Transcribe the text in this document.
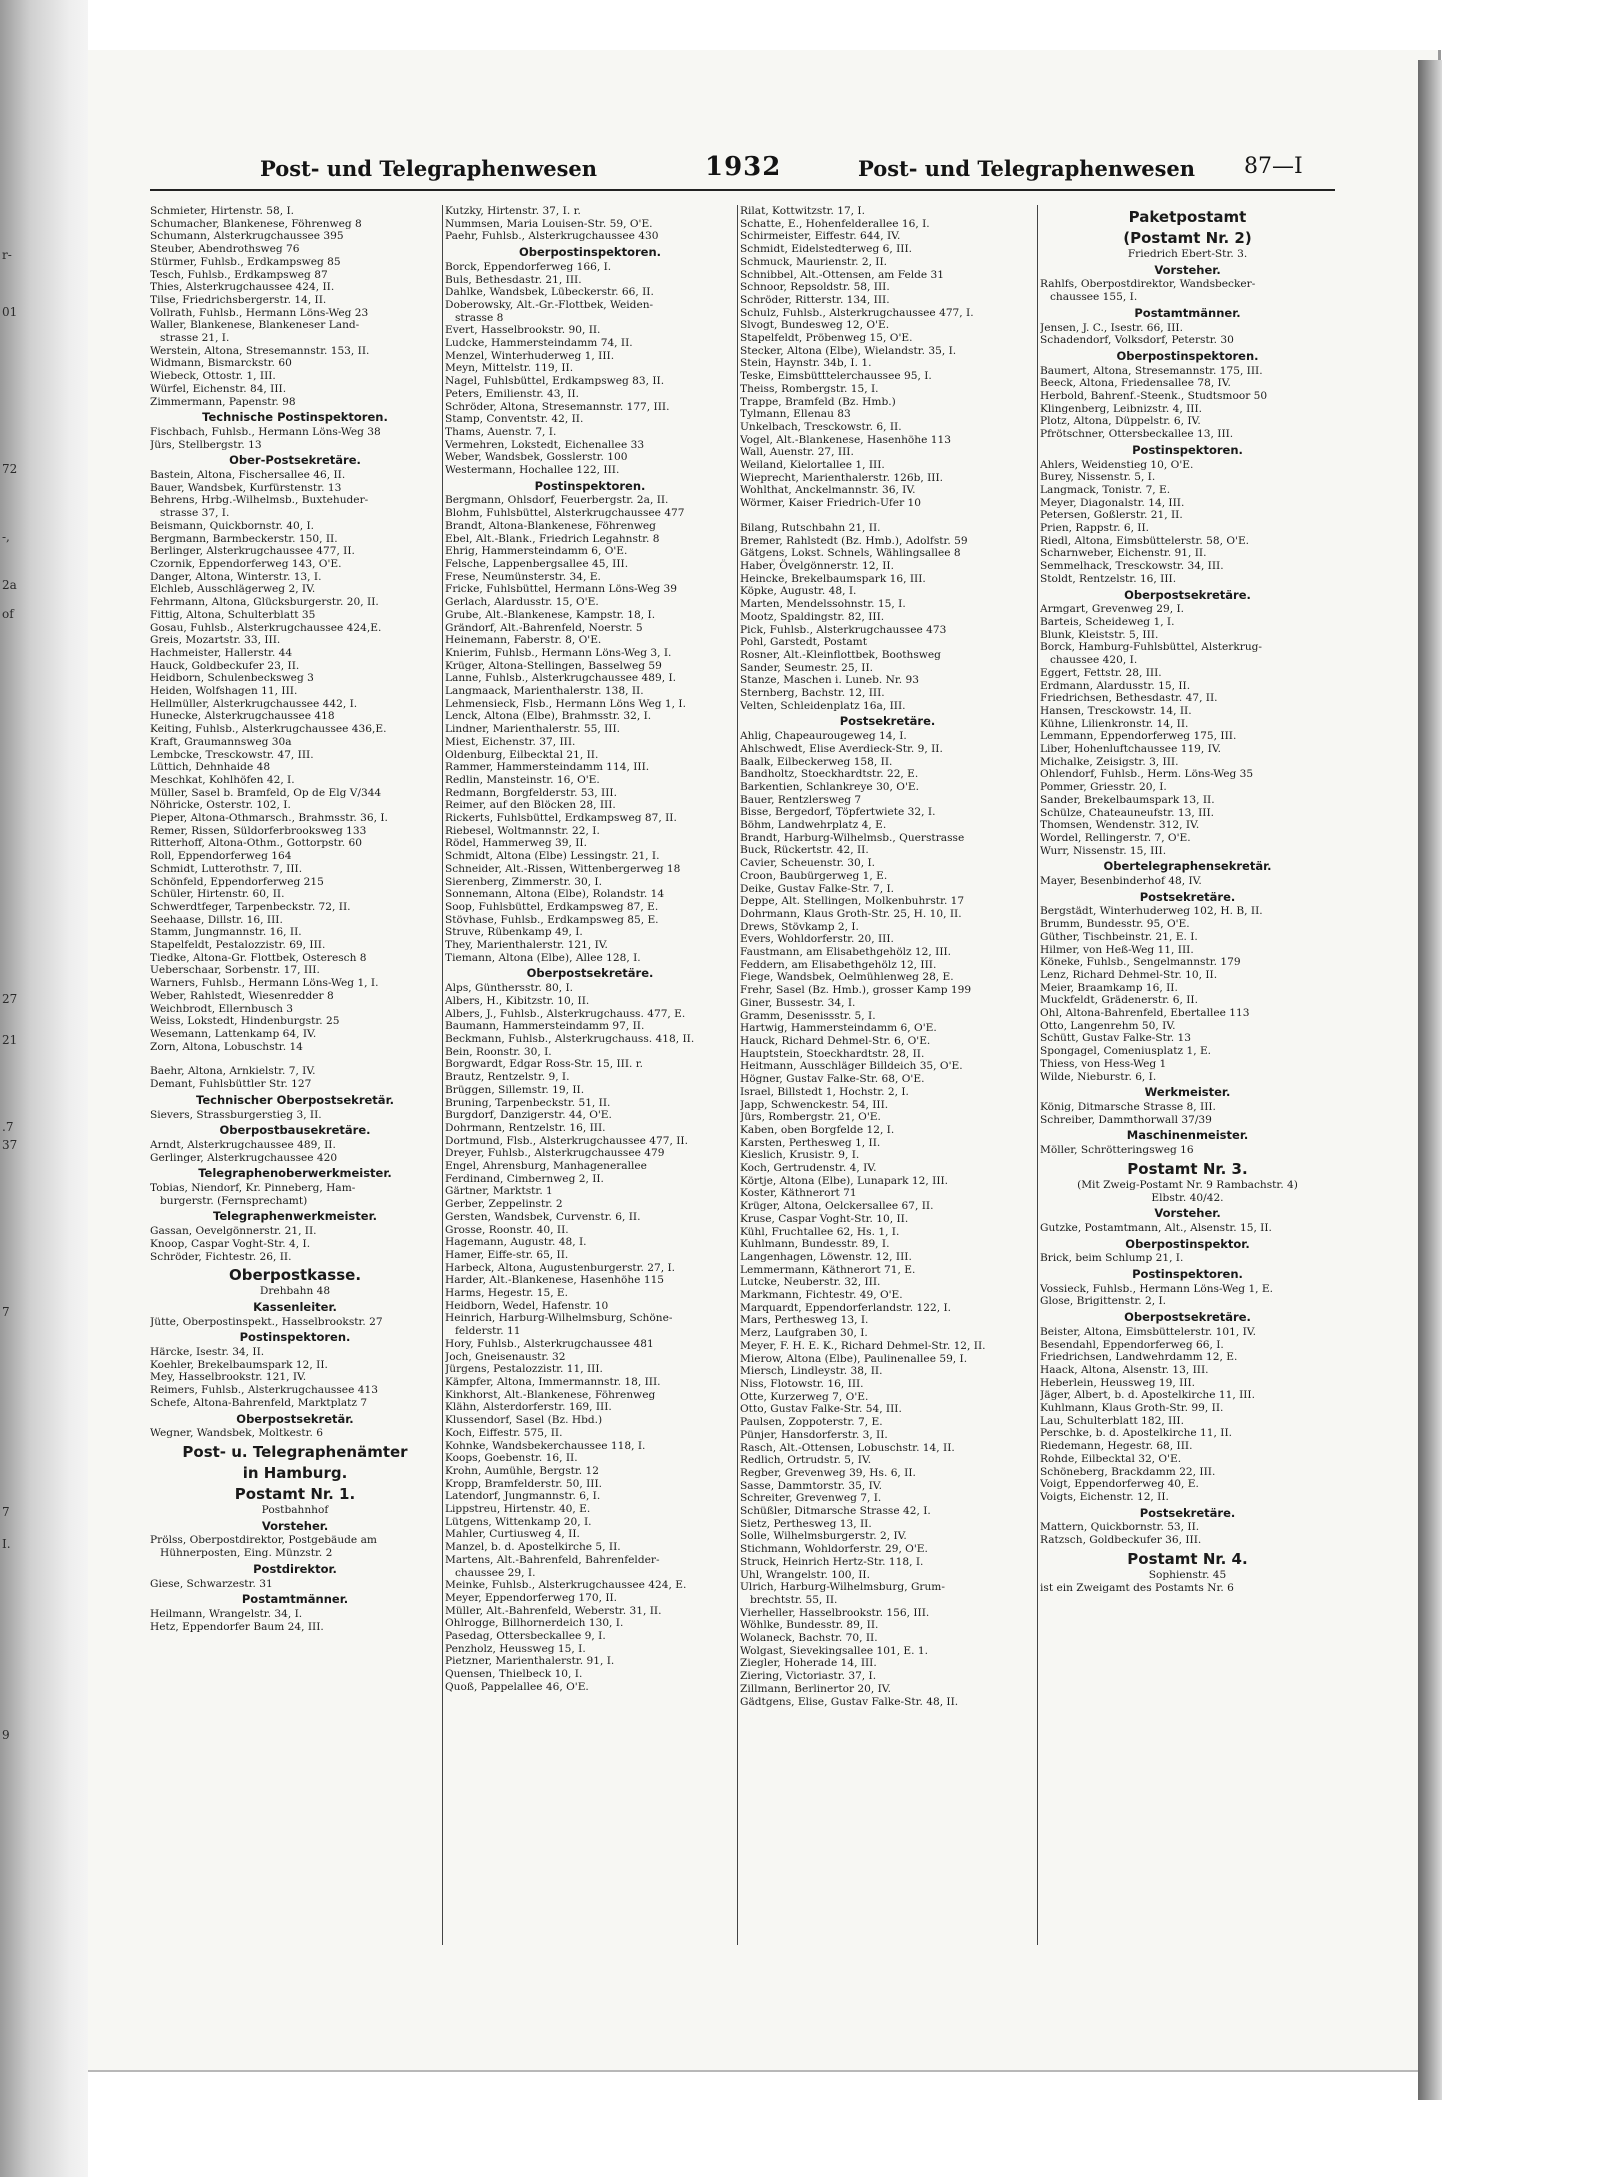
r-
01
72
-,
2a
of
27
21
.7
37
7
7
I.
9
Post- und Telegraphenwesen	1932	Post- und Telegraphenwesen 87—I
Schmieter, Hirtenstr. 58, I.
Schumacher, Blankenese, Föhrenweg 8
Schumann, Alsterkrugchaussee 395
Steuber, Abendrothsweg 76
Stürmer, Fuhlsb., Erdkampsweg 85
Tesch, Fuhlsb., Erdkampsweg 87
Thies, Alsterkrugchaussee 424, II.
Tilse, Friedrichsbergerstr. 14, II.
Vollrath, Fuhlsb., Hermann Löns-Weg 23
Waller, Blankenese, Blankeneser Land-
strasse 21, I.
Werstein, Altona, Stresemannstr. 153, II.
Widmann, Bismarckstr. 60
Wiebeck, Ottostr. 1, III.
Würfel, Eichenstr. 84, III.
Zimmermann, Papenstr. 98
Technische Postinspektoren.
Fischbach, Fuhlsb., Hermann Löns-Weg 38
Jürs, Stellbergstr. 13
Ober-Postsekretäre.
Bastein, Altona, Fischersallee 46, II.
Bauer, Wandsbek, Kurfürstenstr. 13
Behrens, Hrbg.-Wilhelmsb., Buxtehuder-
strasse 37, I.
Beismann, Quickbornstr. 40, I.
Bergmann, Barmbeckerstr. 150, II.
Berlinger, Alsterkrugchaussee 477, II.
Czornik, Eppendorferweg 143, O'E.
Danger, Altona, Winterstr. 13, I.
Elchleb, Ausschlägerweg 2, IV.
Fehrmann, Altona, Glücksburgerstr. 20, II.
Fittig, Altona, Schulterblatt 35
Gosau, Fuhlsb., Alsterkrugchaussee 424,E.
Greis, Mozartstr. 33, III.
Hachmeister, Hallerstr. 44
Hauck, Goldbeckufer 23, II.
Heidborn, Schulenbecksweg 3
Heiden, Wolfshagen 11, III.
Hellmüller, Alsterkrugchaussee 442, I.
Hunecke, Alsterkrugchaussee 418
Keiting, Fuhlsb., Alsterkrugchaussee 436,E.
Kraft, Graumannsweg 30a
Lembcke, Tresckowstr. 47, III.
Lüttich, Dehnhaide 48
Meschkat, Kohlhöfen 42, I.
Müller, Sasel b. Bramfeld, Op de Elg V/344
Nöhricke, Osterstr. 102, I.
Pieper, Altona-Othmarsch., Brahmsstr. 36, I.
Remer, Rissen, Süldorferbrooksweg 133
Ritterhoff, Altona-Othm., Gottorpstr. 60
Roll, Eppendorferweg 164
Schmidt, Lutterothstr. 7, III.
Schönfeld, Eppendorferweg 215
Schüler, Hirtenstr. 60, II.
Schwerdtfeger, Tarpenbeckstr. 72, II.
Seehaase, Dillstr. 16, III.
Stamm, Jungmannstr. 16, II.
Stapelfeldt, Pestalozzistr. 69, III.
Tiedke, Altona-Gr. Flottbek, Osteresch 8
Ueberschaar, Sorbenstr. 17, III.
Warners, Fuhlsb., Hermann Löns-Weg 1, I.
Weber, Rahlstedt, Wiesenredder 8
Weichbrodt, Ellernbusch 3
Weiss, Lokstedt, Hindenburgstr. 25
Wesemann, Lattenkamp 64, IV.
Zorn, Altona, Lobuschstr. 14
Baehr, Altona, Arnkielstr. 7, IV.
Demant, Fuhlsbüttler Str. 127
Technischer Oberpostsekretär.
Sievers, Strassburgerstieg 3, II.
Oberpostbausekretäre.
Arndt, Alsterkrugchaussee 489, II.
Gerlinger, Alsterkrugchaussee 420
Telegraphenoberwerkmeister.
Tobias, Niendorf, Kr. Pinneberg, Ham-
burgerstr. (Fernsprechamt)
Telegraphenwerkmeister.
Gassan, Oevelgönnerstr. 21, II.
Knoop, Caspar Voght-Str. 4, I.
Schröder, Fichtestr. 26, II.
Oberpostkasse.
Drehbahn 48
Kassenleiter.
Jütte, Oberpostinspekt., Hasselbrookstr. 27
Postinspektoren.
Härcke, Isestr. 34, II.
Koehler, Brekelbaumspark 12, II.
Mey, Hasselbrookstr. 121, IV.
Reimers, Fuhlsb., Alsterkrugchaussee 413
Schefe, Altona-Bahrenfeld, Marktplatz 7
Oberpostsekretär.
Wegner, Wandsbek, Moltkestr. 6
Post- u. Telegraphenämter
in Hamburg.
Postamt Nr. 1.
Postbahnhof
Vorsteher.
Prölss, Oberpostdirektor, Postgebäude am
Hühnerposten, Eing. Münzstr. 2
Postdirektor.
Giese, Schwarzestr. 31
Postamtmänner.
Heilmann, Wrangelstr. 34, I.
Hetz, Eppendorfer Baum 24, III.
Kutzky, Hirtenstr. 37, I. r.
Nummsen, Maria Louisen-Str. 59, O'E.
Paehr, Fuhlsb., Alsterkrugchaussee 430
Oberpostinspektoren.
Borck, Eppendorferweg 166, I.
Buls, Bethesdastr. 21, III.
Dahlke, Wandsbek, Lübeckerstr. 66, II.
Doberowsky, Alt.-Gr.-Flottbek, Weiden-
strasse 8
Evert, Hasselbrookstr. 90, II.
Ludcke, Hammersteindamm 74, II.
Menzel, Winterhuderweg 1, III.
Meyn, Mittelstr. 119, II.
Nagel, Fuhlsbüttel, Erdkampsweg 83, II.
Peters, Emilienstr. 43, II.
Schröder, Altona, Stresemannstr. 177, III.
Stamp, Conventstr. 42, II.
Thams, Auenstr. 7, I.
Vermehren, Lokstedt, Eichenallee 33
Weber, Wandsbek, Gosslerstr. 100
Westermann, Hochallee 122, III.
Postinspektoren.
Bergmann, Ohlsdorf, Feuerbergstr. 2a, II.
Blohm, Fuhlsbüttel, Alsterkrugchaussee 477
Brandt, Altona-Blankenese, Föhrenweg
Ebel, Alt.-Blank., Friedrich Legahnstr. 8
Ehrig, Hammersteindamm 6, O'E.
Felsche, Lappenbergsallee 45, III.
Frese, Neumünsterstr. 34, E.
Fricke, Fuhlsbüttel, Hermann Löns-Weg 39
Gerlach, Alardusstr. 15, O'E.
Grube, Alt.-Blankenese, Kampstr. 18, I.
Grändorf, Alt.-Bahrenfeld, Noerstr. 5
Heinemann, Faberstr. 8, O'E.
Knierim, Fuhlsb., Hermann Löns-Weg 3, I.
Krüger, Altona-Stellingen, Basselweg 59
Lanne, Fuhlsb., Alsterkrugchaussee 489, I.
Langmaack, Marienthalerstr. 138, II.
Lehmensieck, Flsb., Hermann Löns Weg 1, I.
Lenck, Altona (Elbe), Brahmsstr. 32, I.
Lindner, Marienthalerstr. 55, III.
Miest, Eichenstr. 37, III.
Oldenburg, Eilbecktal 21, II.
Rammer, Hammersteindamm 114, III.
Redlin, Mansteinstr. 16, O'E.
Redmann, Borgfelderstr. 53, III.
Reimer, auf den Blöcken 28, III.
Rickerts, Fuhlsbüttel, Erdkampsweg 87, II.
Riebesel, Woltmannstr. 22, I.
Rödel, Hammerweg 39, II.
Schmidt, Altona (Elbe) Lessingstr. 21, I.
Schneider, Alt.-Rissen, Wittenbergerweg 18
Sierenberg, Zimmerstr. 30, I.
Sonnemann, Altona (Elbe), Rolandstr. 14
Soop, Fuhlsbüttel, Erdkampsweg 87, E.
Stövhase, Fuhlsb., Erdkampsweg 85, E.
Struve, Rübenkamp 49, I.
They, Marienthalerstr. 121, IV.
Tiemann, Altona (Elbe), Allee 128, I.
Oberpostsekretäre.
Alps, Günthersstr. 80, I.
Albers, H., Kibitzstr. 10, II.
Albers, J., Fuhlsb., Alsterkrugchauss. 477, E.
Baumann, Hammersteindamm 97, II.
Beckmann, Fuhlsb., Alsterkrugchauss. 418, II.
Bein, Roonstr. 30, I.
Borgwardt, Edgar Ross-Str. 15, III. r.
Brautz, Rentzelstr. 9, I.
Brüggen, Sillemstr. 19, II.
Bruning, Tarpenbeckstr. 51, II.
Burgdorf, Danzigerstr. 44, O'E.
Dohrmann, Rentzelstr. 16, III.
Dortmund, Flsb., Alsterkrugchaussee 477, II.
Dreyer, Fuhlsb., Alsterkrugchaussee 479
Engel, Ahrensburg, Manhagenerallee
Ferdinand, Cimbernweg 2, II.
Gärtner, Marktstr. 1
Gerber, Zeppelinstr. 2
Gersten, Wandsbek, Curvenstr. 6, II.
Grosse, Roonstr. 40, II.
Hagemann, Augustr. 48, I.
Hamer, Eiffe-str. 65, II.
Harbeck, Altona, Augustenburgerstr. 27, I.
Harder, Alt.-Blankenese, Hasenhöhe 115
Harms, Hegestr. 15, E.
Heidborn, Wedel, Hafenstr. 10
Heinrich, Harburg-Wilhelmsburg, Schöne-
felderstr. 11
Hory, Fuhlsb., Alsterkrugchaussee 481
Joch, Gneisenaustr. 32
Jürgens, Pestalozzistr. 11, III.
Kämpfer, Altona, Immermannstr. 18, III.
Kinkhorst, Alt.-Blankenese, Föhrenweg
Klähn, Alsterdorferstr. 169, III.
Klussendorf, Sasel (Bz. Hbd.)
Koch, Eiffestr. 575, II.
Kohnke, Wandsbekerchaussee 118, I.
Koops, Goebenstr. 16, II.
Krohn, Aumühle, Bergstr. 12
Kropp, Bramfelderstr. 50, III.
Latendorf, Jungmannstr. 6, I.
Lippstreu, Hirtenstr. 40, E.
Lütgens, Wittenkamp 20, I.
Mahler, Curtiusweg 4, II.
Manzel, b. d. Apostelkirche 5, II.
Martens, Alt.-Bahrenfeld, Bahrenfelder-
chaussee 29, I.
Meinke, Fuhlsb., Alsterkrugchaussee 424, E.
Meyer, Eppendorferweg 170, II.
Müller, Alt.-Bahrenfeld, Weberstr. 31, II.
Ohlrogge, Billhornerdeich 130, I.
Pasedag, Ottersbeckallee 9, I.
Penzholz, Heussweg 15, I.
Pietzner, Marienthalerstr. 91, I.
Quensen, Thielbeck 10, I.
Quoß, Pappelallee 46, O'E.
Rilat, Kottwitzstr. 17, I.
Schatte, E., Hohenfelderallee 16, I.
Schirmeister, Eiffestr. 644, IV.
Schmidt, Eidelstedterweg 6, III.
Schmuck, Maurienstr. 2, II.
Schnibbel, Alt.-Ottensen, am Felde 31
Schnoor, Repsoldstr. 58, III.
Schröder, Ritterstr. 134, III.
Schulz, Fuhlsb., Alsterkrugchaussee 477, I.
Slvogt, Bundesweg 12, O'E.
Stapelfeldt, Pröbenweg 15, O'E.
Stecker, Altona (Elbe), Wielandstr. 35, I.
Stein, Haynstr. 34b, I. 1.
Teske, Eimsbütttelerchaussee 95, I.
Theiss, Rombergstr. 15, I.
Trappe, Bramfeld (Bz. Hmb.)
Tylmann, Ellenau 83
Unkelbach, Tresckowstr. 6, II.
Vogel, Alt.-Blankenese, Hasenhöhe 113
Wall, Auenstr. 27, III.
Weiland, Kielortallee 1, III.
Wieprecht, Marienthalerstr. 126b, III.
Wohlthat, Anckelmannstr. 36, IV.
Wörmer, Kaiser Friedrich-Ufer 10
Bilang, Rutschbahn 21, II.
Bremer, Rahlstedt (Bz. Hmb.), Adolfstr. 59
Gätgens, Lokst. Schnels, Wählingsallee 8
Haber, Övelgönnerstr. 12, II.
Heincke, Brekelbaumspark 16, III.
Köpke, Augustr. 48, I.
Marten, Mendelssohnstr. 15, I.
Mootz, Spaldingstr. 82, III.
Pick, Fuhlsb., Alsterkrugchaussee 473
Pohl, Garstedt, Postamt
Rosner, Alt.-Kleinflottbek, Boothsweg
Sander, Seumestr. 25, II.
Stanze, Maschen i. Luneb. Nr. 93
Sternberg, Bachstr. 12, III.
Velten, Schleidenplatz 16a, III.
Postsekretäre.
Ahlig, Chapeaurougeweg 14, I.
Ahlschwedt, Elise Averdieck-Str. 9, II.
Baalk, Eilbeckerweg 158, II.
Bandholtz, Stoeckhardtstr. 22, E.
Barkentien, Schlankreye 30, O'E.
Bauer, Rentzlersweg 7
Bisse, Bergedorf, Töpfertwiete 32, I.
Böhm, Landwehrplatz 4, E.
Brandt, Harburg-Wilhelmsb., Querstrasse
Buck, Rückertstr. 42, II.
Cavier, Scheuenstr. 30, I.
Croon, Baubürgerweg 1, E.
Deike, Gustav Falke-Str. 7, I.
Deppe, Alt. Stellingen, Molkenbuhrstr. 17
Dohrmann, Klaus Groth-Str. 25, H. 10, II.
Drews, Stövkamp 2, I.
Evers, Wohldorferstr. 20, III.
Faustmann, am Elisabethgehölz 12, III.
Feddern, am Elisabethgehölz 12, III.
Fiege, Wandsbek, Oelmühlenweg 28, E.
Frehr, Sasel (Bz. Hmb.), grosser Kamp 199
Giner, Bussestr. 34, I.
Gramm, Desenissstr. 5, I.
Hartwig, Hammersteindamm 6, O'E.
Hauck, Richard Dehmel-Str. 6, O'E.
Hauptstein, Stoeckhardtstr. 28, II.
Heitmann, Ausschläger Billdeich 35, O'E.
Högner, Gustav Falke-Str. 68, O'E.
Israel, Billstedt 1, Hochstr. 2, I.
Japp, Schwenckestr. 54, III.
Jürs, Rombergstr. 21, O'E.
Kaben, oben Borgfelde 12, I.
Karsten, Perthesweg 1, II.
Kieslich, Krusistr. 9, I.
Koch, Gertrudenstr. 4, IV.
Körtje, Altona (Elbe), Lunapark 12, III.
Koster, Käthnerort 71
Krüger, Altona, Oelckersallee 67, II.
Kruse, Caspar Voght-Str. 10, II.
Kühl, Fruchtallee 62, Hs. 1, I.
Kuhlmann, Bundesstr. 89, I.
Langenhagen, Löwenstr. 12, III.
Lemmermann, Käthnerort 71, E.
Lutcke, Neuberstr. 32, III.
Markmann, Fichtestr. 49, O'E.
Marquardt, Eppendorferlandstr. 122, I.
Mars, Perthesweg 13, I.
Merz, Laufgraben 30, I.
Meyer, F. H. E. K., Richard Dehmel-Str. 12, II.
Mierow, Altona (Elbe), Paulinenallee 59, I.
Miersch, Lindleystr. 38, II.
Niss, Flotowstr. 16, III.
Otte, Kurzerweg 7, O'E.
Otto, Gustav Falke-Str. 54, III.
Paulsen, Zoppoterstr. 7, E.
Pünjer, Hansdorferstr. 3, II.
Rasch, Alt.-Ottensen, Lobuschstr. 14, II.
Redlich, Ortrudstr. 5, IV.
Regber, Grevenweg 39, Hs. 6, II.
Sasse, Dammtorstr. 35, IV.
Schreiter, Grevenweg 7, I.
Schüßler, Ditmarsche Strasse 42, I.
Sietz, Perthesweg 13, II.
Solle, Wilhelmsburgerstr. 2, IV.
Stichmann, Wohldorferstr. 29, O'E.
Struck, Heinrich Hertz-Str. 118, I.
Uhl, Wrangelstr. 100, II.
Ulrich, Harburg-Wilhelmsburg, Grum-
brechtstr. 55, II.
Vierheller, Hasselbrookstr. 156, III.
Wöhlke, Bundesstr. 89, II.
Wolaneck, Bachstr. 70, II.
Wolgast, Sievekingsallee 101, E. 1.
Ziegler, Hoherade 14, III.
Ziering, Victoriastr. 37, I.
Zillmann, Berlinertor 20, IV.
Gädtgens, Elise, Gustav Falke-Str. 48, II.
Paketpostamt
(Postamt Nr. 2)
Friedrich Ebert-Str. 3.
Vorsteher.
Rahlfs, Oberpostdirektor, Wandsbecker-
chaussee 155, I.
Postamtmänner.
Jensen, J. C., Isestr. 66, III.
Schadendorf, Volksdorf, Peterstr. 30
Oberpostinspektoren.
Baumert, Altona, Stresemannstr. 175, III.
Beeck, Altona, Friedensallee 78, IV.
Herbold, Bahrenf.-Steenk., Studtsmoor 50
Klingenberg, Leibnizstr. 4, III.
Plotz, Altona, Düppelstr. 6, IV.
Pfrötschner, Ottersbeckallee 13, III.
Postinspektoren.
Ahlers, Weidenstieg 10, O'E.
Burey, Nissenstr. 5, I.
Langmack, Tonistr. 7, E.
Meyer, Diagonalstr. 14, III.
Petersen, Goßlerstr. 21, II.
Prien, Rappstr. 6, II.
Riedl, Altona, Eimsbüttelerstr. 58, O'E.
Scharnweber, Eichenstr. 91, II.
Semmelhack, Tresckowstr. 34, III.
Stoldt, Rentzelstr. 16, III.
Oberpostsekretäre.
Armgart, Grevenweg 29, I.
Barteis, Scheideweg 1, I.
Blunk, Kleiststr. 5, III.
Borck, Hamburg-Fuhlsbüttel, Alsterkrug-
chaussee 420, I.
Eggert, Fettstr. 28, III.
Erdmann, Alardusstr. 15, II.
Friedrichsen, Bethesdastr. 47, II.
Hansen, Tresckowstr. 14, II.
Kühne, Lilienkronstr. 14, II.
Lemmann, Eppendorferweg 175, III.
Liber, Hohenluftchaussee 119, IV.
Michalke, Zeisigstr. 3, III.
Ohlendorf, Fuhlsb., Herm. Löns-Weg 35
Pommer, Griesstr. 20, I.
Sander, Brekelbaumspark 13, II.
Schülze, Chateauneufstr. 13, III.
Thomsen, Wendenstr. 312, IV.
Wordel, Rellingerstr. 7, O'E.
Wurr, Nissenstr. 15, III.
Obertelegraphensekretär.
Mayer, Besenbinderhof 48, IV.
Postsekretäre.
Bergstädt, Winterhuderweg 102, H. B, II.
Brumm, Bundesstr. 95, O'E.
Güther, Tischbeinstr. 21, E. I.
Hilmer, von Heß-Weg 11, III.
Köneke, Fuhlsb., Sengelmannstr. 179
Lenz, Richard Dehmel-Str. 10, II.
Meier, Braamkamp 16, II.
Muckfeldt, Grädenerstr. 6, II.
Ohl, Altona-Bahrenfeld, Ebertallee 113
Otto, Langenrehm 50, IV.
Schütt, Gustav Falke-Str. 13
Spongagel, Comeniusplatz 1, E.
Thiess, von Hess-Weg 1
Wilde, Nieburstr. 6, I.
Werkmeister.
König, Ditmarsche Strasse 8, III.
Schreiber, Dammthorwall 37/39
Maschinenmeister.
Möller, Schrötteringsweg 16
Postamt Nr. 3.
(Mit Zweig-Postamt Nr. 9 Rambachstr. 4)
Elbstr. 40/42.
Vorsteher.
Gutzke, Postamtmann, Alt., Alsenstr. 15, II.
Oberpostinspektor.
Brick, beim Schlump 21, I.
Postinspektoren.
Vossieck, Fuhlsb., Hermann Löns-Weg 1, E.
Glose, Brigittenstr. 2, I.
Oberpostsekretäre.
Beister, Altona, Eimsbüttelerstr. 101, IV.
Besendahl, Eppendorferweg 66, I.
Friedrichsen, Landwehrdamm 12, E.
Haack, Altona, Alsenstr. 13, III.
Heberlein, Heussweg 19, III.
Jäger, Albert, b. d. Apostelkirche 11, III.
Kuhlmann, Klaus Groth-Str. 99, II.
Lau, Schulterblatt 182, III.
Perschke, b. d. Apostelkirche 11, II.
Riedemann, Hegestr. 68, III.
Rohde, Eilbecktal 32, O'E.
Schöneberg, Brackdamm 22, III.
Voigt, Eppendorferweg 40, E.
Voigts, Eichenstr. 12, II.
Postsekretäre.
Mattern, Quickbornstr. 53, II.
Ratzsch, Goldbeckufer 36, III.
Postamt Nr. 4.
Sophienstr. 45
ist ein Zweigamt des Postamts Nr. 6
